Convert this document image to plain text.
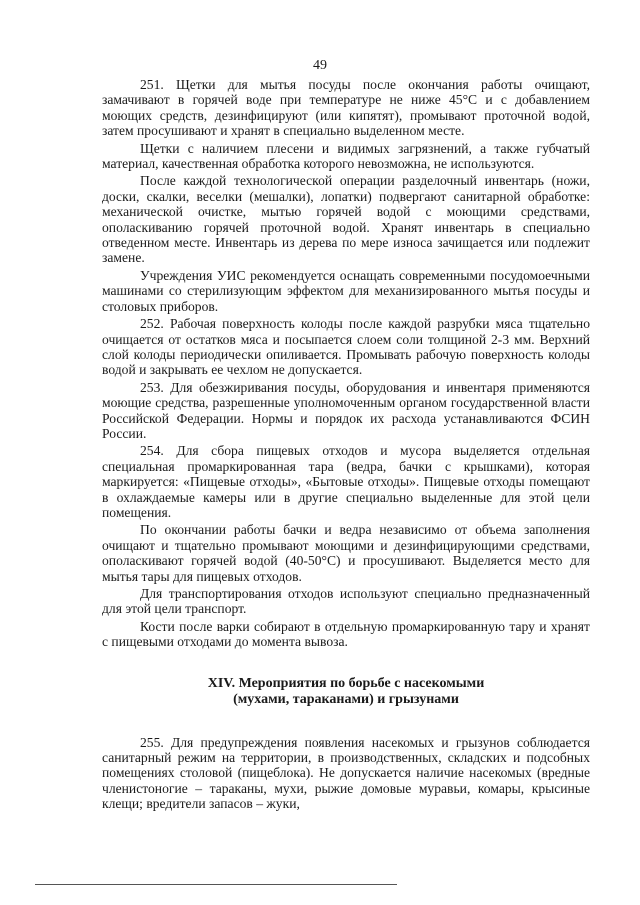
49

251. Щетки для мытья посуды после окончания работы очищают, замачивают в горячей воде при температуре не ниже 45°С и с добавлением моющих средств, дезинфицируют (или кипятят), промывают проточной водой, затем просушивают и хранят в специально выделенном месте.

Щетки с наличием плесени и видимых загрязнений, а также губчатый материал, качественная обработка которого невозможна, не используются.

После каждой технологической операции разделочный инвентарь (ножи, доски, скалки, веселки (мешалки), лопатки) подвергают санитарной обработке: механической очистке, мытью горячей водой с моющими средствами, ополаскиванию горячей проточной водой. Хранят инвентарь в специально отведенном месте. Инвентарь из дерева по мере износа зачищается или подлежит замене.

Учреждения УИС рекомендуется оснащать современными посудомоечными машинами со стерилизующим эффектом для механизированного мытья посуды и столовых приборов.

252. Рабочая поверхность колоды после каждой разрубки мяса тщательно очищается от остатков мяса и посыпается слоем соли толщиной 2-3 мм. Верхний слой колоды периодически опиливается. Промывать рабочую поверхность колоды водой и закрывать ее чехлом не допускается.

253. Для обезжиривания посуды, оборудования и инвентаря применяются моющие средства, разрешенные уполномоченным органом государственной власти Российской Федерации. Нормы и порядок их расхода устанавливаются ФСИН России.

254. Для сбора пищевых отходов и мусора выделяется отдельная специальная промаркированная тара (ведра, бачки с крышками), которая маркируется: «Пищевые отходы», «Бытовые отходы». Пищевые отходы помещают в охлаждаемые камеры или в другие специально выделенные для этой цели помещения.

По окончании работы бачки и ведра независимо от объема заполнения очищают и тщательно промывают моющими и дезинфицирующими средствами, ополаскивают горячей водой (40-50°С) и просушивают. Выделяется место для мытья тары для пищевых отходов.

Для транспортирования отходов используют специально предназначенный для этой цели транспорт.

Кости после варки собирают в отдельную промаркированную тару и хранят с пищевыми отходами до момента вывоза.

XIV. Мероприятия по борьбе с насекомыми
(мухами, тараканами) и грызунами

255. Для предупреждения появления насекомых и грызунов соблюдается санитарный режим на территории, в производственных, складских и подсобных помещениях столовой (пищеблока). Не допускается наличие насекомых (вредные членистоногие – тараканы, мухи, рыжие домовые муравьи, комары, крысиные клещи; вредители запасов – жуки,
